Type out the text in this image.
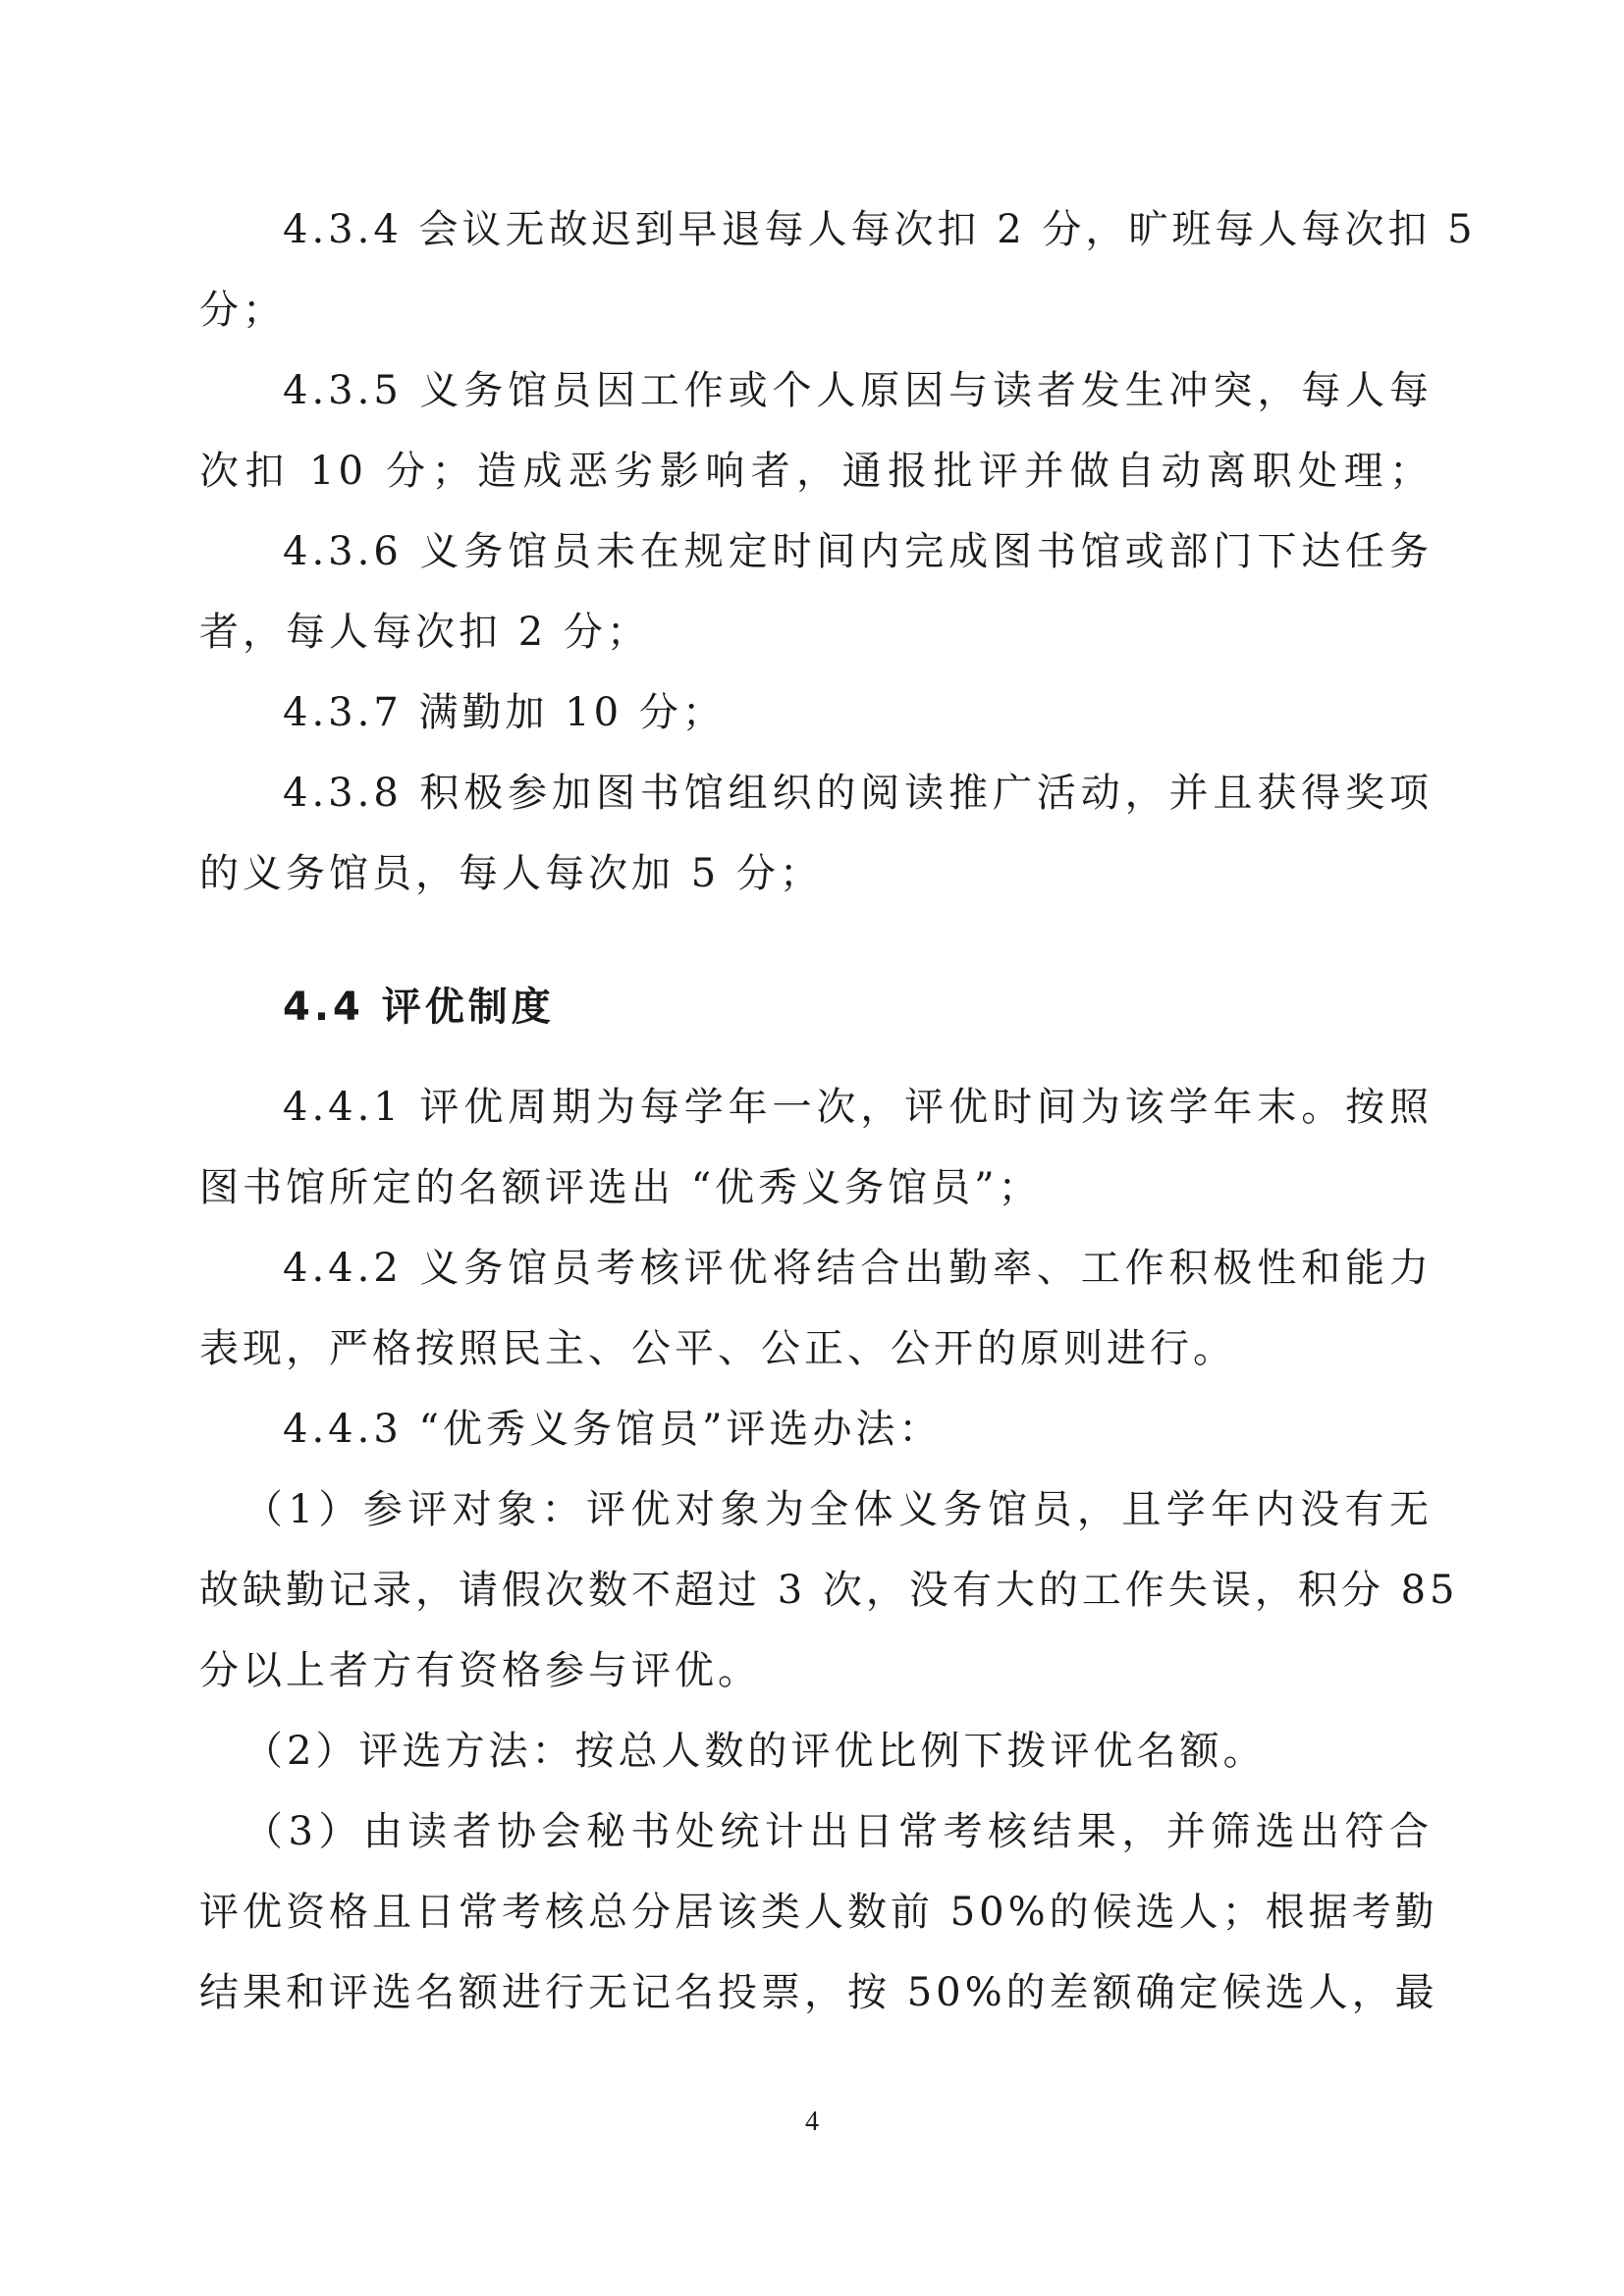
4.3.4 会议无故迟到早退每人每次扣 2 分，旷班每人每次扣 5
分；
4.3.5 义务馆员因工作或个人原因与读者发生冲突，每人每
次扣 10 分；造成恶劣影响者，通报批评并做自动离职处理；
4.3.6 义务馆员未在规定时间内完成图书馆或部门下达任务
者，每人每次扣 2 分；
4.3.7 满勤加 10 分；
4.3.8 积极参加图书馆组织的阅读推广活动，并且获得奖项
的义务馆员，每人每次加 5 分；
4.4 评优制度
4.4.1 评优周期为每学年一次，评优时间为该学年末。按照
图书馆所定的名额评选出 “优秀义务馆员”；
4.4.2 义务馆员考核评优将结合出勤率、工作积极性和能力
表现，严格按照民主、公平、公正、公开的原则进行。
4.4.3 “优秀义务馆员”评选办法：
（1）参评对象：评优对象为全体义务馆员，且学年内没有无
故缺勤记录，请假次数不超过 3 次，没有大的工作失误，积分 85
分以上者方有资格参与评优。
（2）评选方法：按总人数的评优比例下拨评优名额。
（3）由读者协会秘书处统计出日常考核结果，并筛选出符合
评优资格且日常考核总分居该类人数前 50%的候选人；根据考勤
结果和评选名额进行无记名投票，按 50%的差额确定候选人，最
4
